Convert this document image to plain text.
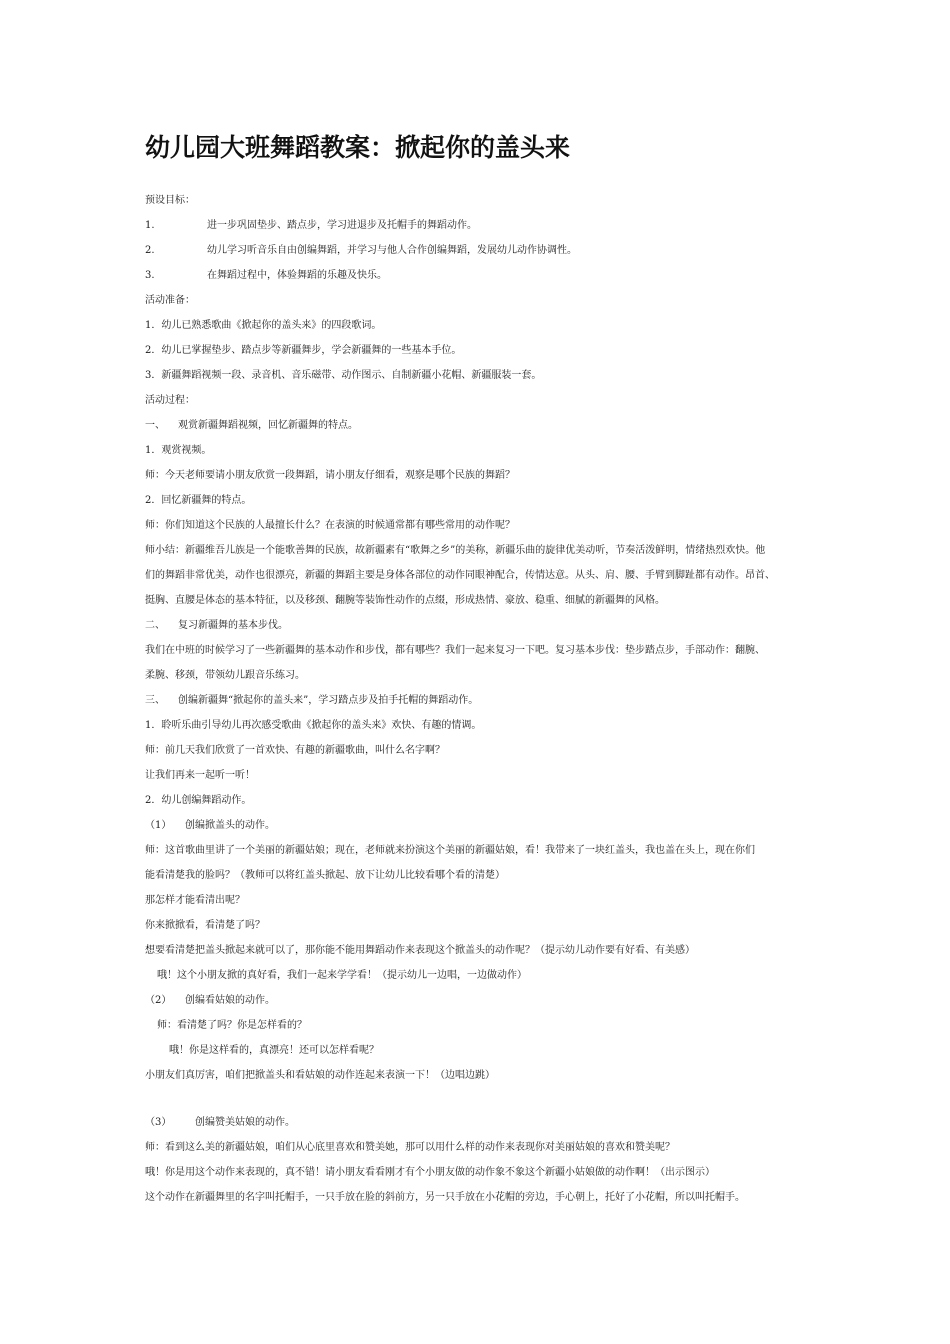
幼儿园大班舞蹈教案：掀起你的盖头来
预设目标：
1.	进一步巩固垫步、踏点步，学习进退步及托帽手的舞蹈动作。
2.	幼儿学习听音乐自由创编舞蹈，并学习与他人合作创编舞蹈，发展幼儿动作协调性。
3.	在舞蹈过程中，体验舞蹈的乐趣及快乐。
活动准备：
1．幼儿已熟悉歌曲《掀起你的盖头来》的四段歌词。
2．幼儿已掌握垫步、踏点步等新疆舞步，学会新疆舞的一些基本手位。
3．新疆舞蹈视频一段、录音机、音乐磁带、动作图示、自制新疆小花帽、新疆服装一套。
活动过程：
一、 观赏新疆舞蹈视频，回忆新疆舞的特点。
1．观赏视频。
师：今天老师要请小朋友欣赏一段舞蹈，请小朋友仔细看，观察是哪个民族的舞蹈？
2．回忆新疆舞的特点。
师：你们知道这个民族的人最擅长什么？在表演的时候通常都有哪些常用的动作呢？
师小结：新疆维吾儿族是一个能歌善舞的民族，故新疆素有“歌舞之乡”的美称，新疆乐曲的旋律优美动听，节奏活泼鲜明，情绪热烈欢快。他
们的舞蹈非常优美，动作也很漂亮，新疆的舞蹈主要是身体各部位的动作同眼神配合，传情达意。从头、肩、腰、手臂到脚趾都有动作。昂首、
挺胸、直腰是体态的基本特征，以及移颈、翻腕等装饰性动作的点缀，形成热情、豪放、稳重、细腻的新疆舞的风格。
二、 复习新疆舞的基本步伐。
我们在中班的时候学习了一些新疆舞的基本动作和步伐，都有哪些？我们一起来复习一下吧。复习基本步伐：垫步踏点步，手部动作：翻腕、
柔腕、移颈，带领幼儿跟音乐练习。
三、 创编新疆舞“掀起你的盖头来”，学习踏点步及拍手托帽的舞蹈动作。
1．聆听乐曲引导幼儿再次感受歌曲《掀起你的盖头来》欢快、有趣的情调。
师：前几天我们欣赏了一首欢快、有趣的新疆歌曲，叫什么名字啊？
让我们再来一起听一听！
2．幼儿创编舞蹈动作。
（1） 创编掀盖头的动作。
师：这首歌曲里讲了一个美丽的新疆姑娘；现在，老师就来扮演这个美丽的新疆姑娘，看！我带来了一块红盖头，我也盖在头上，现在你们
能看清楚我的脸吗？（教师可以将红盖头掀起、放下让幼儿比较看哪个看的清楚）
那怎样才能看清出呢？
你来掀掀看，看清楚了吗？
想要看清楚把盖头掀起来就可以了，那你能不能用舞蹈动作来表现这个掀盖头的动作呢？（提示幼儿动作要有好看、有美感）
哦！这个小朋友掀的真好看，我们一起来学学看！（提示幼儿一边唱，一边做动作）
（2） 创编看姑娘的动作。
师：看清楚了吗？你是怎样看的？
哦！你是这样看的，真漂亮！还可以怎样看呢？
小朋友们真厉害，咱们把掀盖头和看姑娘的动作连起来表演一下！（边唱边跳）
（3） 创编赞美姑娘的动作。
师：看到这么美的新疆姑娘，咱们从心底里喜欢和赞美她，那可以用什么样的动作来表现你对美丽姑娘的喜欢和赞美呢？
哦！你是用这个动作来表现的，真不错！请小朋友看看刚才有个小朋友做的动作象不象这个新疆小姑娘做的动作啊！（出示图示）
这个动作在新疆舞里的名字叫托帽手，一只手放在脸的斜前方，另一只手放在小花帽的旁边，手心朝上，托好了小花帽，所以叫托帽手。
